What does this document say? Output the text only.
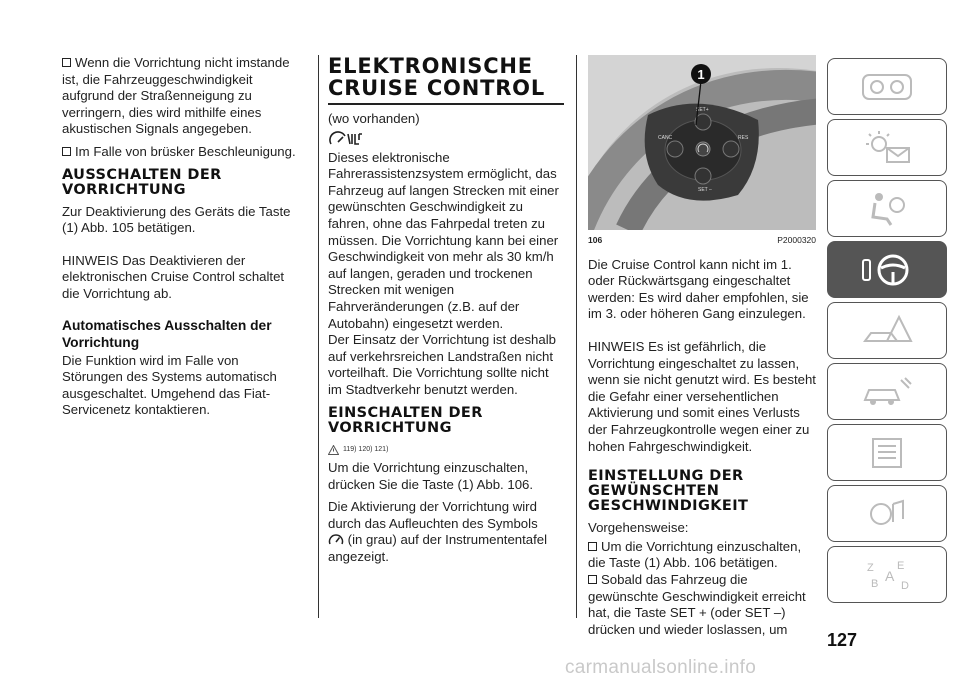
Wenn die Vorrichtung nicht imstande ist, die Fahrzeuggeschwindigkeit aufgrund der Straßenneigung zu verringern, dies wird mithilfe eines akustischen Signals angegeben.

Im Falle von brüsker Beschleunigung.

AUSSCHALTEN DER VORRICHTUNG

Zur Deaktivierung des Geräts die Taste (1) Abb. 105 betätigen.

HINWEIS Das Deaktivieren der elektronischen Cruise Control schaltet die Vorrichtung ab.

Automatisches Ausschalten der Vorrichtung

Die Funktion wird im Falle von Störungen des Systems automatisch ausgeschaltet. Umgehend das Fiat-Servicenetz kontaktieren.

ELEKTRONISCHE CRUISE CONTROL

(wo vorhanden)

Dieses elektronische Fahrerassistenzsystem ermöglicht, das Fahrzeug auf langen Strecken mit einer gewünschten Geschwindigkeit zu fahren, ohne das Fahrpedal treten zu müssen. Die Vorrichtung kann bei einer Geschwindigkeit von mehr als 30 km/h auf langen, geraden und trockenen Strecken mit wenigen Fahrveränderungen (z.B. auf der Autobahn) eingesetzt werden.

Der Einsatz der Vorrichtung ist deshalb auf verkehrsreichen Landstraßen nicht vorteilhaft. Die Vorrichtung sollte nicht im Stadtverkehr benutzt werden.

EINSCHALTEN DER VORRICHTUNG
119) 120) 121)

Um die Vorrichtung einzuschalten, drücken Sie die Taste (1) Abb. 106.

Die Aktivierung der Vorrichtung wird durch das Aufleuchten des Symbols
(in grau) auf der Instrumententafel angezeigt.

SET+
CANC	RES
SET –
1
106	P2000320

Die Cruise Control kann nicht im 1. oder Rückwärtsgang eingeschaltet werden: Es wird daher empfohlen, sie im 3. oder höheren Gang einzulegen.

HINWEIS Es ist gefährlich, die Vorrichtung eingeschaltet zu lassen, wenn sie nicht genutzt wird. Es besteht die Gefahr einer versehentlichen Aktivierung und somit eines Verlusts der Fahrzeugkontrolle wegen einer zu hohen Fahrgeschwindigkeit.

EINSTELLUNG DER GEWÜNSCHTEN GESCHWINDIGKEIT

Vorgehensweise:

Um die Vorrichtung einzuschalten, die Taste (1) Abb. 106 betätigen.

Sobald das Fahrzeug die gewünschte Geschwindigkeit erreicht hat, die Taste SET + (oder SET –) drücken und wieder loslassen, um

Z E
B A
D
127
carmanualsonline.info
